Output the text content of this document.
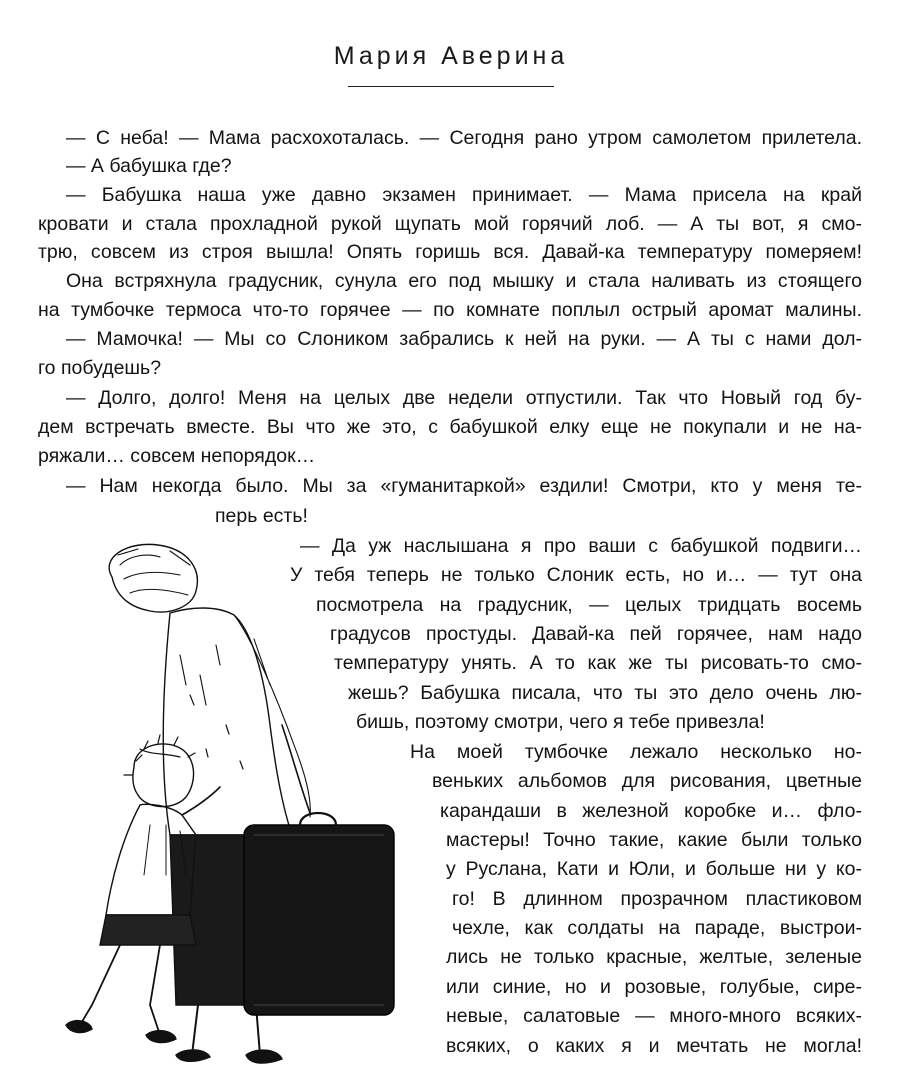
Мария Аверина
— С неба! — Мама расхохоталась. — Сегодня рано утром самолетом прилетела.
— А бабушка где?
— Бабушка наша уже давно экзамен принимает. — Мама присела на край
кровати и стала прохладной рукой щупать мой горячий лоб. — А ты вот, я смо-
трю, совсем из строя вышла! Опять горишь вся. Давай-ка температуру померяем!
Она встряхнула градусник, сунула его под мышку и стала наливать из стоящего
на тумбочке термоса что-то горячее — по комнате поплыл острый аромат малины.
— Мамочка! — Мы со Слоником забрались к ней на руки. — А ты с нами дол-
го побудешь?
— Долго, долго! Меня на целых две недели отпустили. Так что Новый год бу-
дем встречать вместе. Вы что же это, с бабушкой елку еще не покупали и не на-
ряжали… совсем непорядок…
— Нам некогда было. Мы за «гуманитаркой» ездили! Смотри, кто у меня те-
перь есть!
— Да уж наслышана я про ваши с бабушкой подвиги…
У тебя теперь не только Слоник есть, но и… — тут она
посмотрела на градусник, — целых тридцать восемь
градусов простуды. Давай-ка пей горячее, нам надо
температуру унять. А то как же ты рисовать-то смо-
жешь? Бабушка писала, что ты это дело очень лю-
бишь, поэтому смотри, чего я тебе привезла!
На моей тумбочке лежало несколько но-
веньких альбомов для рисования, цветные
карандаши в железной коробке и… фло-
мастеры! Точно такие, какие были только
у Руслана, Кати и Юли, и больше ни у ко-
го! В длинном прозрачном пластиковом
чехле, как солдаты на параде, выстрои-
лись не только красные, желтые, зеленые
или синие, но и розовые, голубые, сире-
невые, салатовые — много-много всяких-
всяких, о каких я и мечтать не могла!
